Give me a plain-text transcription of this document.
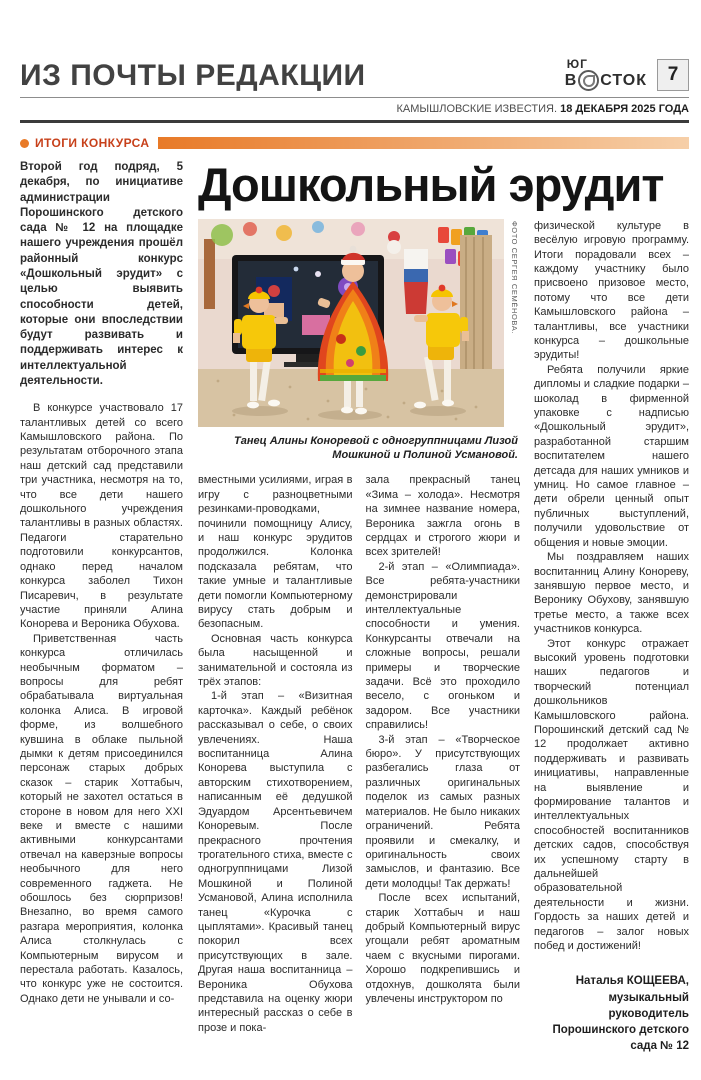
ИЗ ПОЧТЫ РЕДАКЦИИ	ЮГ
В СТОК	7
КАМЫШЛОВСКИЕ ИЗВЕСТИЯ. 18 ДЕКАБРЯ 2025 ГОДА
ИТОГИ КОНКУРСА

Второй год подряд, 5 декабря, по инициативе администрации Порошинского детского сада № 12 на площадке нашего учреждения прошёл районный конкурс «Дошкольный эрудит» с целью выявить способности детей, которые они впоследствии будут развивать и поддерживать интерес к интеллектуальной деятельности.

В конкурсе участвовало 17 талантливых детей со всего Камышловского района. По результатам отборочного этапа наш детский сад представили три участника, несмотря на то, что все дети нашего дошкольного учреждения талантливы в разных областях. Педагоги старательно подготовили конкурсантов, однако перед началом конкурса заболел Тихон Писаревич, в результате участие приняли Алина Конорева и Вероника Обухова.

Приветственная часть конкурса отличилась необычным форматом – вопросы для ребят обрабатывала виртуальная колонка Алиса. В игровой форме, из волшебного кувшина в облаке пыльной дымки к детям присоединился персонаж старых добрых сказок – старик Хоттабыч, который не захотел остаться в стороне в новом для него XXI веке и вместе с нашими активными конкурсантами отвечал на каверзные вопросы необычного для него современного гаджета. Не обошлось без сюрпризов! Внезапно, во время самого разгара мероприятия, колонка Алиса столкнулась с Компьютерным вирусом и перестала работать. Казалось, что конкурс уже не состоится. Однако дети не унывали и со-

Дошкольный эрудит
ФОТО СЕРГЕЯ СЕМЁНОВА.
Танец Алины Коноревой с одногруппницами Лизой Мошкиной и Полиной Усмановой.

вместными усилиями, играя в игру с разноцветными резинками-проводками, починили помощницу Алису, и наш конкурс эрудитов продолжился. Колонка подсказала ребятам, что такие умные и талантливые дети помогли Компьютерному вирусу стать добрым и безопасным.

Основная часть конкурса была насыщенной и занимательной и состояла из трёх этапов:

1-й этап – «Визитная карточка». Каждый ребёнок рассказывал о себе, о своих увлечениях. Наша воспитанница Алина Конорева выступила с авторским стихотворением, написанным её дедушкой Эдуардом Арсентьевичем Коноревым. После прекрасного прочтения трогательного стиха, вместе с одногруппницами Лизой Мошкиной и Полиной Усмановой, Алина исполнила танец «Курочка с цыплятами». Красивый танец покорил всех присутствующих в зале. Другая наша воспитанница – Вероника Обухова представила на оценку жюри интересный рассказ о себе в прозе и пока-

зала прекрасный танец «Зима – холода». Несмотря на зимнее название номера, Вероника зажгла огонь в сердцах и строгого жюри и всех зрителей!

2-й этап – «Олимпиада». Все ребята-участники демонстрировали интеллектуальные способности и умения. Конкурсанты отвечали на сложные вопросы, решали примеры и творческие задачи. Всё это проходило весело, с огоньком и задором. Все участники справились!

3-й этап – «Творческое бюро». У присутствующих разбегались глаза от различных оригинальных поделок из самых разных материалов. Не было никаких ограничений. Ребята проявили и смекалку, и оригинальность своих замыслов, и фантазию. Все дети молодцы! Так держать!

После всех испытаний, старик Хоттабыч и наш добрый Компьютерный вирус угощали ребят ароматным чаем с вкусными пирогами. Хорошо подкрепившись и отдохнув, дошколята были увлечены инструктором по

физической культуре в весёлую игровую программу. Итоги порадовали всех – каждому участнику было присвоено призовое место, потому что все дети Камышловского района – талантливы, все участники конкурса – дошкольные эрудиты!

Ребята получили яркие дипломы и сладкие подарки – шоколад в фирменной упаковке с надписью «Дошкольный эрудит», разработанной старшим воспитателем нашего детсада для наших умников и умниц. Но самое главное – дети обрели ценный опыт публичных выступлений, получили удовольствие от общения и новые эмоции.

Мы поздравляем наших воспитанниц Алину Конореву, занявшую первое место, и Веронику Обухову, занявшую третье место, а также всех участников конкурса.

Этот конкурс отражает высокий уровень подготовки наших педагогов и творческий потенциал дошкольников Камышловского района. Порошинский детский сад № 12 продолжает активно поддерживать и развивать инициативы, направленные на выявление и формирование талантов и интеллектуальных способностей воспитанников детских садов, способствуя их успешному старту в дальнейшей образовательной деятельности и жизни. Гордость за наших детей и педагогов – залог новых побед и достижений!

Наталья КОЩЕЕВА,

музыкальный руководитель

Порошинского детского

сада № 12
